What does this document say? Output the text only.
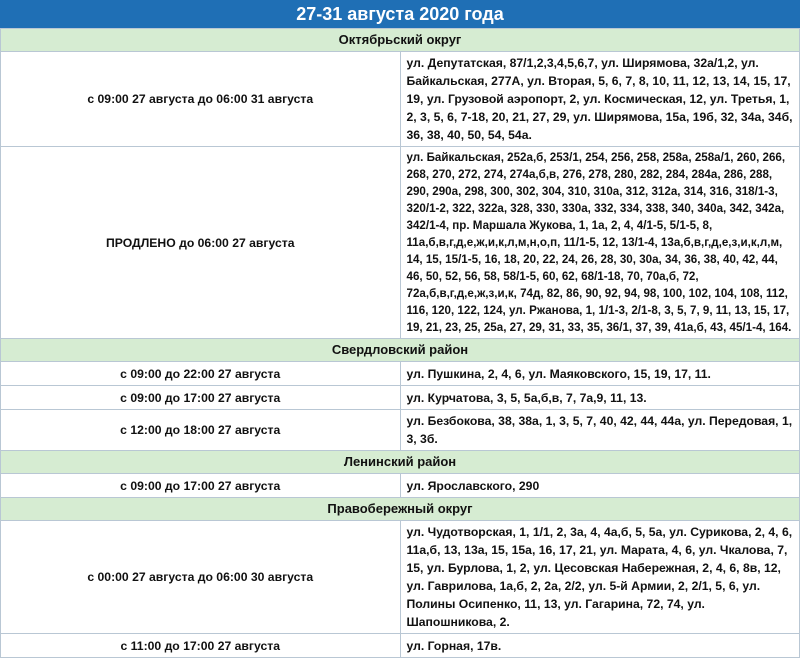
27-31 августа 2020 года
Октябрьский округ	
с 09:00 27 августа до 06:00 31 августа	ул. Депутатская, 87/1,2,3,4,5,6,7, ул. Ширямова, 32а/1,2, ул. Байкальская, 277А, ул. Вторая, 5, 6, 7, 8, 10, 11, 12, 13, 14, 15, 17, 19, ул. Грузовой аэропорт, 2, ул. Космическая, 12, ул. Третья, 1, 2, 3, 5, 6, 7-18, 20, 21, 27, 29, ул. Ширямова, 15а, 19б, 32, 34а, 34б, 36, 38, 40, 50, 54, 54а.
ПРОДЛЕНО до 06:00 27 августа	ул. Байкальская, 252а,б, 253/1, 254, 256, 258, 258а, 258а/1, 260, 266, 268, 270, 272, 274, 274а,б,в, 276, 278, 280, 282, 284, 284а, 286, 288, 290, 290а, 298, 300, 302, 304, 310, 310а, 312, 312а, 314, 316, 318/1-3, 320/1-2, 322, 322а, 328, 330, 330а, 332, 334, 338, 340, 340а, 342, 342а, 342/1-4, пр. Маршала Жукова, 1, 1а, 2, 4, 4/1-5, 5/1-5, 8, 11а,б,в,г,д,е,ж,и,к,л,м,н,о,п, 11/1-5, 12, 13/1-4, 13а,б,в,г,д,е,з,и,к,л,м, 14, 15, 15/1-5, 16, 18, 20, 22, 24, 26, 28, 30, 30а, 34, 36, 38, 40, 42, 44, 46, 50, 52, 56, 58, 58/1-5, 60, 62, 68/1-18, 70, 70а,б, 72, 72а,б,в,г,д,е,ж,з,и,к, 74д, 82, 86, 90, 92, 94, 98, 100, 102, 104, 108, 112, 116, 120, 122, 124, ул. Ржанова, 1, 1/1-3, 2/1-8, 3, 5, 7, 9, 11, 13, 15, 17, 19, 21, 23, 25, 25а, 27, 29, 31, 33, 35, 36/1, 37, 39, 41а,б, 43, 45/1-4, 164.
Свердловский район	
с 09:00 до 22:00 27 августа	ул. Пушкина, 2, 4, 6, ул. Маяковского, 15, 19, 17, 11.
с 09:00 до 17:00 27 августа	ул. Курчатова, 3, 5, 5а,б,в, 7, 7а,9, 11, 13.
с 12:00 до 18:00 27 августа	ул. Безбокова, 38, 38а, 1, 3, 5, 7, 40, 42, 44, 44а, ул. Передовая, 1, 3, 3б.
Ленинский район	
с 09:00 до 17:00 27 августа	ул. Ярославского, 290
Правобережный округ	
с 00:00 27 августа до 06:00 30 августа	ул. Чудотворская, 1, 1/1, 2, 3а, 4, 4а,б, 5, 5а, ул. Сурикова, 2, 4, 6, 11а,б, 13, 13а, 15, 15а, 16, 17, 21, ул. Марата, 4, 6, ул. Чкалова, 7, 15, ул. Бурлова, 1, 2, ул. Цесовская Набережная, 2, 4, 6, 8в, 12, ул. Гаврилова, 1а,б, 2, 2а, 2/2, ул. 5-й Армии, 2, 2/1, 5, 6, ул. Полины Осипенко, 11, 13, ул. Гагарина, 72, 74, ул. Шапошникова, 2.
с 11:00 до 17:00 27 августа	ул. Горная, 17в.
